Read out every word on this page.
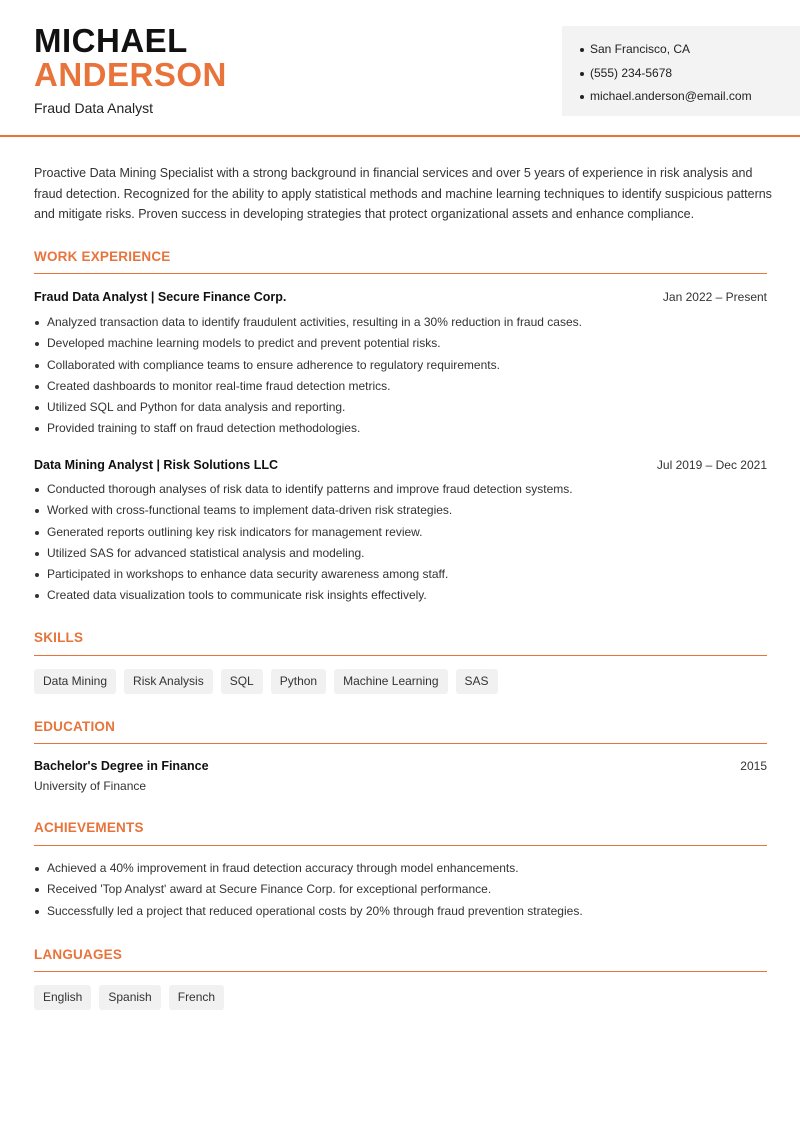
MICHAEL
ANDERSON
Fraud Data Analyst
San Francisco, CA
(555) 234-5678
michael.anderson@email.com

Proactive Data Mining Specialist with a strong background in financial services and over 5 years of experience in risk analysis and fraud detection. Recognized for the ability to apply statistical methods and machine learning techniques to identify suspicious patterns and mitigate risks. Proven success in developing strategies that protect organizational assets and enhance compliance.

WORK EXPERIENCE
Fraud Data Analyst | Secure Finance Corp.	Jan 2022 – Present
Analyzed transaction data to identify fraudulent activities, resulting in a 30% reduction in fraud cases.
Developed machine learning models to predict and prevent potential risks.
Collaborated with compliance teams to ensure adherence to regulatory requirements.
Created dashboards to monitor real-time fraud detection metrics.
Utilized SQL and Python for data analysis and reporting.
Provided training to staff on fraud detection methodologies.
Data Mining Analyst | Risk Solutions LLC	Jul 2019 – Dec 2021
Conducted thorough analyses of risk data to identify patterns and improve fraud detection systems.
Worked with cross-functional teams to implement data-driven risk strategies.
Generated reports outlining key risk indicators for management review.
Utilized SAS for advanced statistical analysis and modeling.
Participated in workshops to enhance data security awareness among staff.
Created data visualization tools to communicate risk insights effectively.
SKILLS
Data Mining	Risk Analysis	SQL	Python	Machine Learning	SAS
EDUCATION
Bachelor's Degree in Finance	2015
University of Finance
ACHIEVEMENTS
Achieved a 40% improvement in fraud detection accuracy through model enhancements.
Received 'Top Analyst' award at Secure Finance Corp. for exceptional performance.
Successfully led a project that reduced operational costs by 20% through fraud prevention strategies.
LANGUAGES
English	Spanish	French
